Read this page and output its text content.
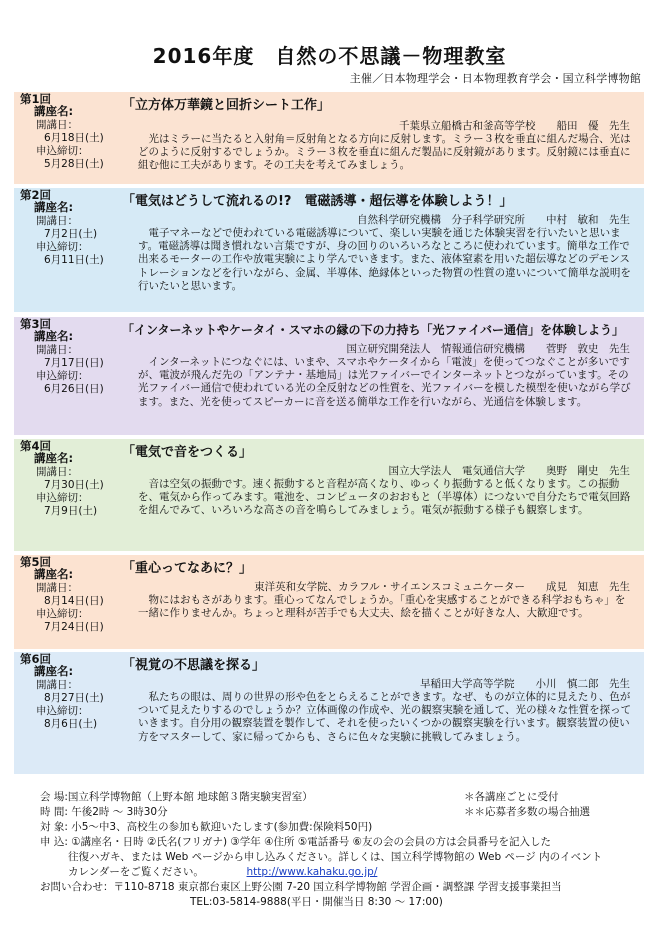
2016年度　自然の不思議－物理教室
主催／日本物理学会・日本物理教育学会・国立科学博物館
第1回
講座名:	「立方体万華鏡と回折シート工作」
千葉県立船橋古和釜高等学校　　船田　優　先生
開講日：
6月18日(土)
申込締切：
5月28日(土)
　光はミラーに当たると入射角＝反射角となる方向に反射します。ミラー３枚を垂直に組んだ場合、光はどのように反射するでしょうか。ミラー３枚を垂直に組んだ製品に反射鏡があります。反射鏡には垂直に組む他に工夫があります。その工夫を考えてみましょう。
第2回
講座名:	「電気はどうして流れるの!?　電磁誘導・超伝導を体験しよう！」
自然科学研究機構　分子科学研究所　　中村　敏和　先生
開講日：
7月2日(土)
申込締切：
6月11日(土)
　電子マネーなどで使われている電磁誘導について、楽しい実験を通じた体験実習を行いたいと思います。電磁誘導は聞き慣れない言葉ですが、身の回りのいろいろなところに使われています。簡単な工作で出来るモーターの工作や放電実験により学んでいきます。また、液体窒素を用いた超伝導などのデモンストレーションなどを行いながら、金属、半導体、絶縁体といった物質の性質の違いについて簡単な説明を行いたいと思います。
第3回
講座名:	「インターネットやケータイ・スマホの縁の下の力持ち「光ファイバー通信」を体験しよう」
国立研究開発法人　情報通信研究機構　　菅野　敦史　先生
開講日：
7月17日(日)
申込締切：
6月26日(日)
　インターネットにつなぐには、いまや、スマホやケータイから「電波」を使ってつなぐことが多いですが、電波が飛んだ先の「アンテナ・基地局」は光ファイバーでインターネットとつながっています。その光ファイバー通信で使われている光の全反射などの性質を、光ファイバーを模した模型を使いながら学びます。また、光を使ってスピーカーに音を送る簡単な工作を行いながら、光通信を体験します。
第4回
講座名:	「電気で音をつくる」
国立大学法人　電気通信大学　　奥野　剛史　先生
開講日：
7月30日(土)
申込締切：
7月9日(土)
　音は空気の振動です。速く振動すると音程が高くなり、ゆっくり振動すると低くなります。この振動を、電気から作ってみます。電池を、コンピュータのおおもと（半導体）につないで自分たちで電気回路を組んでみて、いろいろな高さの音を鳴らしてみましょう。電気が振動する様子も観察します。
第5回
講座名:	「重心ってなあに？」
東洋英和女学院、カラフル・サイエンスコミュニケーター　　成見　知恵　先生
開講日：
8月14日(日)
申込締切：
7月24日(日)
　物にはおもさがあります。重心ってなんでしょうか。「重心を実感することができる科学おもちゃ」を一緒に作りませんか。ちょっと理科が苦手でも大丈夫、絵を描くことが好きな人、大歓迎です。
第6回
講座名:	「視覚の不思議を探る」
早稲田大学高等学院　　小川　慎二郎　先生
開講日：
8月27日(土)
申込締切：
8月6日(土)
　私たちの眼は、周りの世界の形や色をとらえることができます。なぜ、ものが立体的に見えたり、色がついて見えたりするのでしょうか？立体画像の作成や、光の観察実験を通して、光の様々な性質を探っていきます。自分用の観察装置を製作して、それを使ったいくつかの観察実験を行います。観察装置の使い方をマスターして、家に帰ってからも、さらに色々な実験に挑戦してみましょう。
会 場:国立科学博物館（上野本館 地球館３階実験実習室）
時 間: 午後2時 ～ 3時30分
対 象: 小5～中3、高校生の参加も歓迎いたします(参加費:保険料50円)
申 込: ①講座名・日時 ②氏名(フリガナ) ③学年 ④住所 ⑤電話番号 ⑥友の会の会員の方は会員番号を記入した
往復ハガキ、または Web ページから申し込みください。詳しくは、国立科学博物館の Web ページ 内のイベント
カレンダーをご覧ください。	http://www.kahaku.go.jp/
お問い合わせ：〒110-8718 東京都台東区上野公園 7-20 国立科学博物館 学習企画・調整課 学習支援事業担当
TEL:03-5814-9888(平日・開催当日 8:30 ～ 17:00)
＊各講座ごとに受付
＊＊応募者多数の場合抽選
